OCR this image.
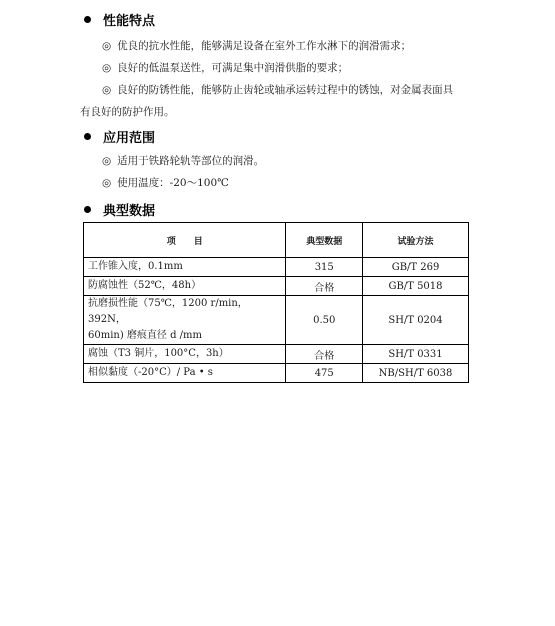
性能特点
◎ 优良的抗水性能，能够满足设备在室外工作水淋下的润滑需求；
◎ 良好的低温泵送性，可满足集中润滑供脂的要求；
◎ 良好的防锈性能，能够防止齿轮或轴承运转过程中的锈蚀，对金属表面具
有良好的防护作用。
应用范围
◎ 适用于铁路轮轨等部位的润滑。
◎ 使用温度：-20～100℃
典型数据
项　　目	典型数据	试验方法
工作锥入度，0.1mm	315	GB/T 269
防腐蚀性（52℃，48h）	合格	GB/T 5018
抗磨损性能（75℃，1200 r/min，392N，
60min) 磨痕直径 d /mm	0.50	SH/T 0204
腐蚀（T3 铜片，100°C，3h）	合格	SH/T 0331
相似黏度（-20°C）/ Pa • s	475	NB/SH/T 6038
